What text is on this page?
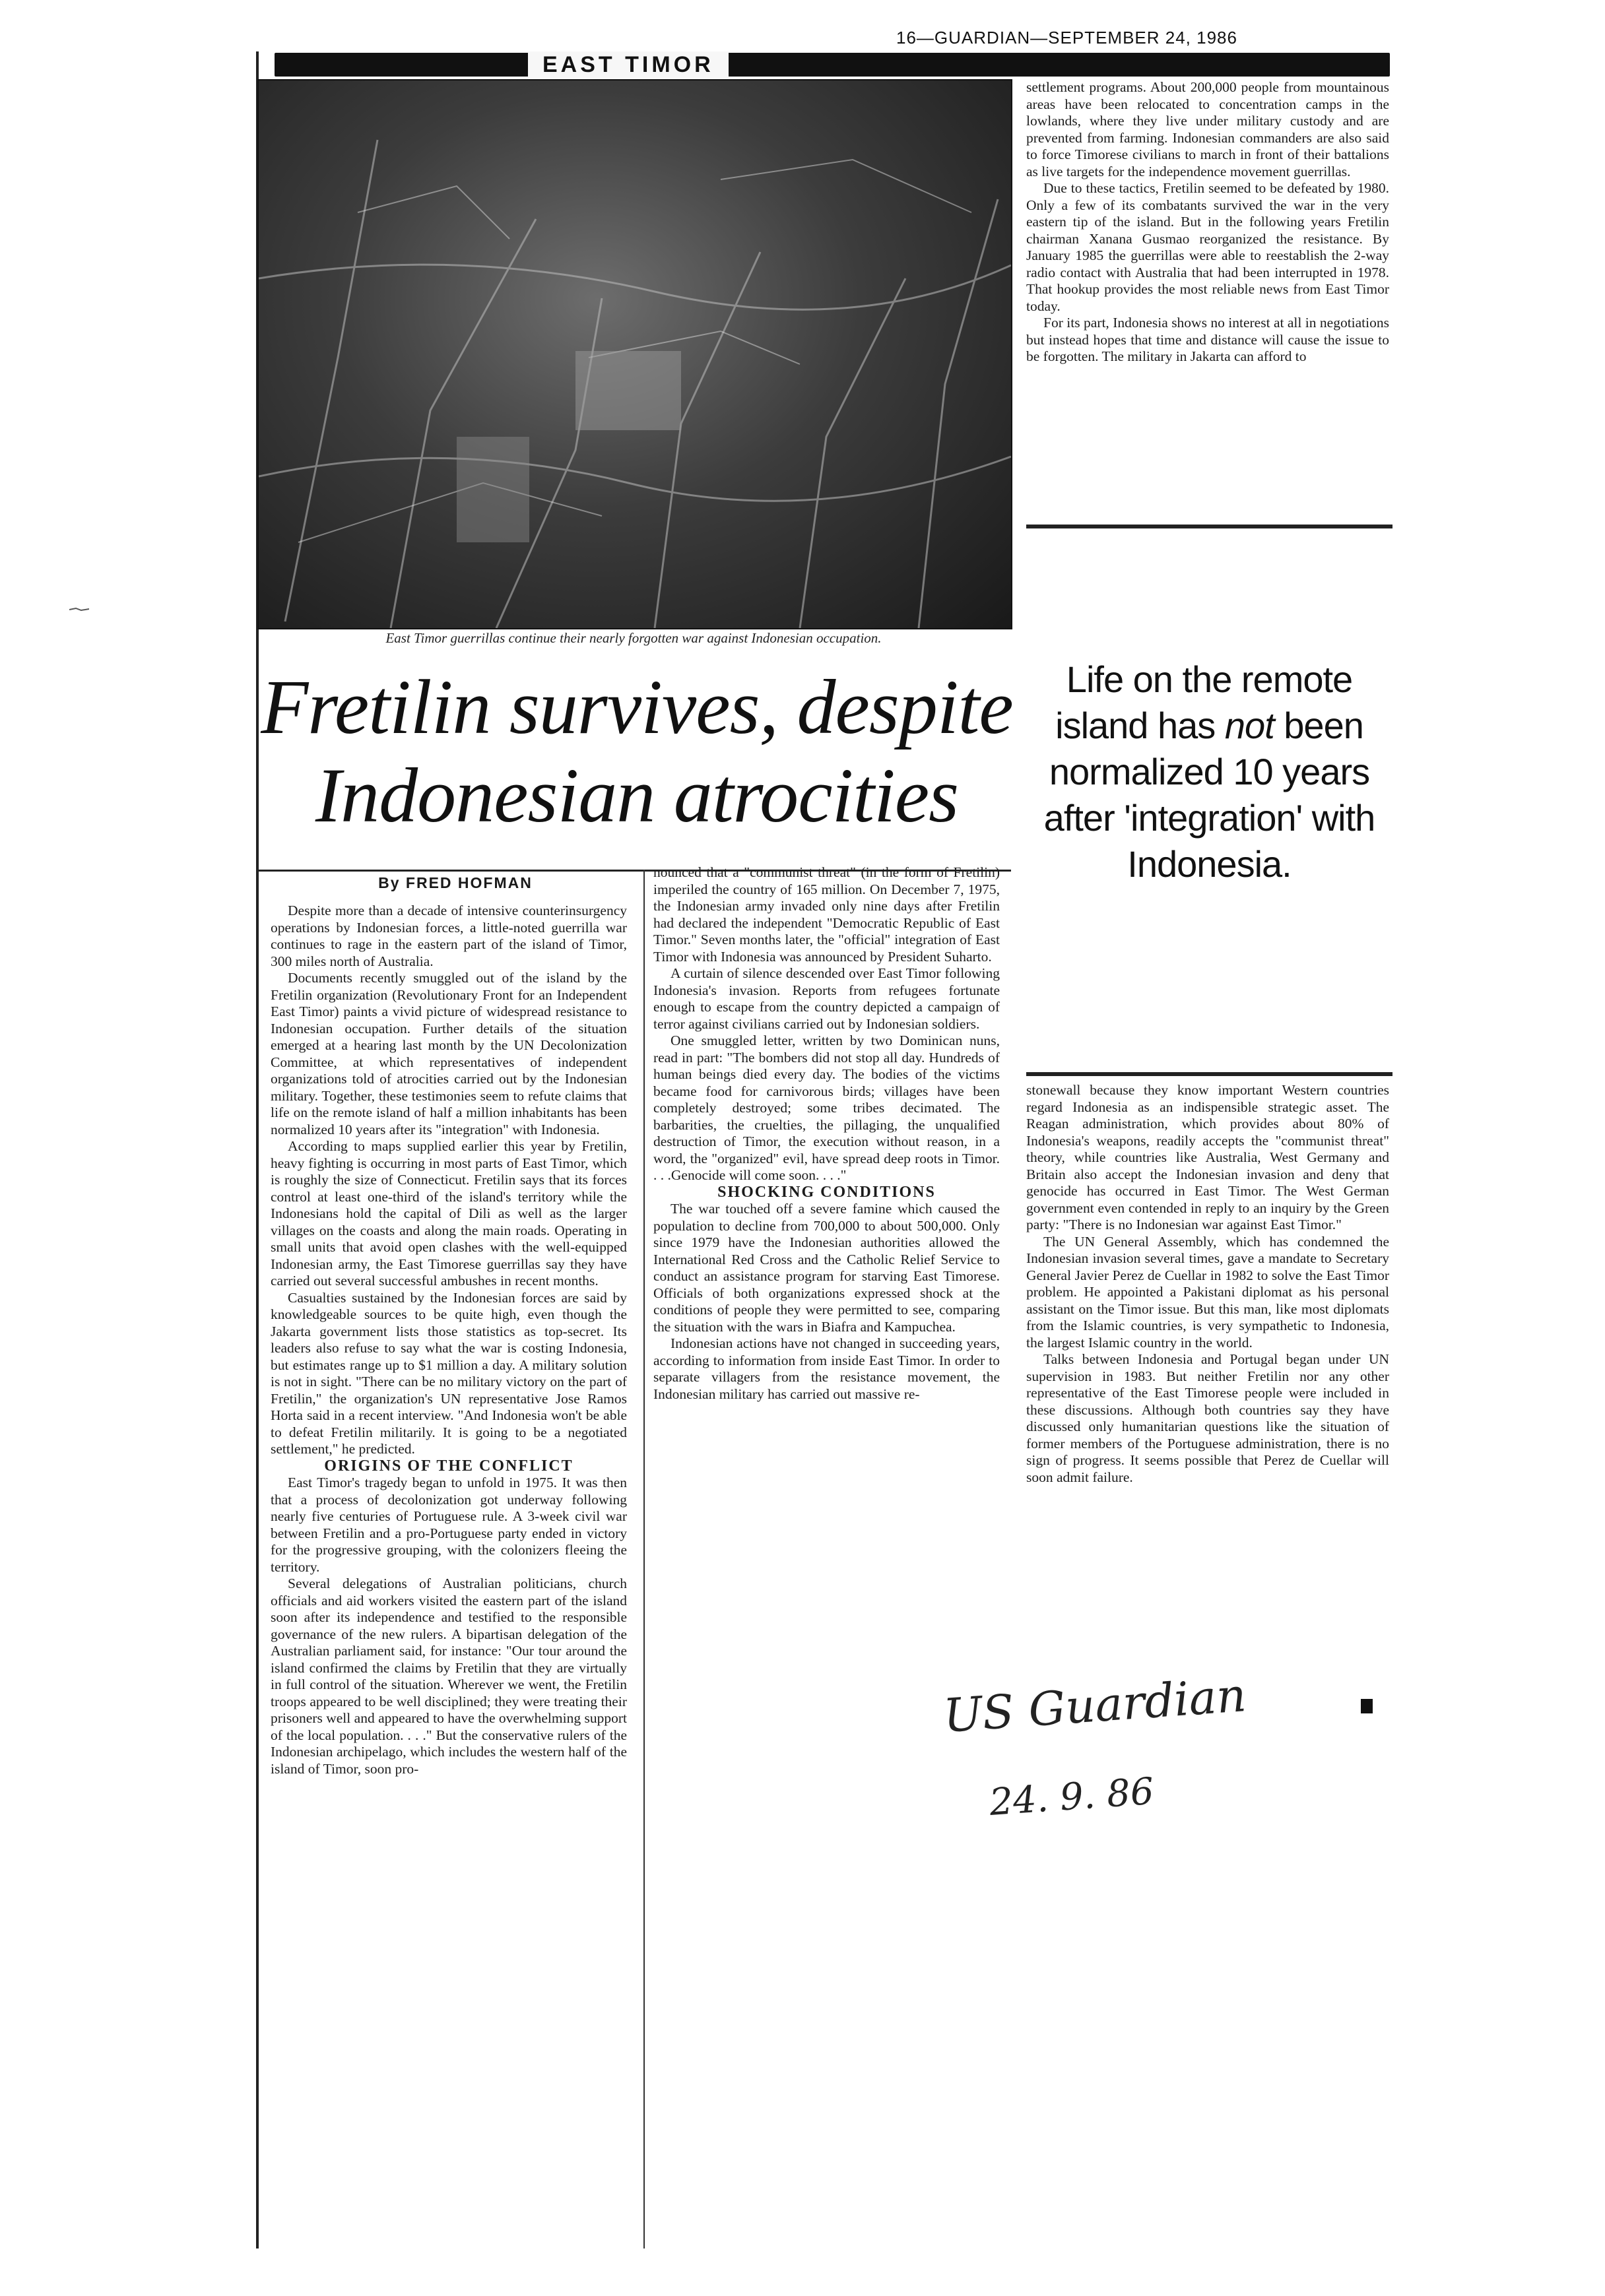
16—GUARDIAN—SEPTEMBER 24, 1986
EAST TIMOR
East Timor guerrillas continue their nearly forgotten war against Indonesian occupation.
Fretilin survives, despite
Indonesian atrocities
By FRED HOFMAN

Despite more than a decade of intensive counterinsurgency operations by Indonesian forces, a little-noted guerrilla war continues to rage in the eastern part of the island of Timor, 300 miles north of Australia.

Documents recently smuggled out of the island by the Fretilin organization (Revolutionary Front for an Independent East Timor) paints a vivid picture of widespread resistance to Indonesian occupation. Further details of the situation emerged at a hearing last month by the UN Decolonization Committee, at which representatives of independent organizations told of atrocities carried out by the Indonesian military. Together, these testimonies seem to refute claims that life on the remote island of half a million inhabitants has been normalized 10 years after its "integration" with Indonesia.

According to maps supplied earlier this year by Fretilin, heavy fighting is occurring in most parts of East Timor, which is roughly the size of Connecticut. Fretilin says that its forces control at least one-third of the island's territory while the Indonesians hold the capital of Dili as well as the larger villages on the coasts and along the main roads. Operating in small units that avoid open clashes with the well-equipped Indonesian army, the East Timorese guerrillas say they have carried out several successful ambushes in recent months.

Casualties sustained by the Indonesian forces are said by knowledgeable sources to be quite high, even though the Jakarta government lists those statistics as top-secret. Its leaders also refuse to say what the war is costing Indonesia, but estimates range up to $1 million a day. A military solution is not in sight. "There can be no military victory on the part of Fretilin," the organization's UN representative Jose Ramos Horta said in a recent interview. "And Indonesia won't be able to defeat Fretilin militarily. It is going to be a negotiated settlement," he predicted.

ORIGINS OF THE CONFLICT

East Timor's tragedy began to unfold in 1975. It was then that a process of decolonization got underway following nearly five centuries of Portuguese rule. A 3-week civil war between Fretilin and a pro-Portuguese party ended in victory for the progressive grouping, with the colonizers fleeing the territory.

Several delegations of Australian politicians, church officials and aid workers visited the eastern part of the island soon after its independence and testified to the responsible governance of the new rulers. A bipartisan delegation of the Australian parliament said, for instance: "Our tour around the island confirmed the claims by Fretilin that they are virtually in full control of the situation. Wherever we went, the Fretilin troops appeared to be well disciplined; they were treating their prisoners well and appeared to have the overwhelming support of the local population. . . ." But the conservative rulers of the Indonesian archipelago, which includes the western half of the island of Timor, soon pro-

nounced that a "communist threat" (in the form of Fretilin) imperiled the country of 165 million. On December 7, 1975, the Indonesian army invaded only nine days after Fretilin had declared the independent "Democratic Republic of East Timor." Seven months later, the "official" integration of East Timor with Indonesia was announced by President Suharto.

A curtain of silence descended over East Timor following Indonesia's invasion. Reports from refugees fortunate enough to escape from the country depicted a campaign of terror against civilians carried out by Indonesian soldiers.

One smuggled letter, written by two Dominican nuns, read in part: "The bombers did not stop all day. Hundreds of human beings died every day. The bodies of the victims became food for carnivorous birds; villages have been completely destroyed; some tribes decimated. The barbarities, the cruelties, the pillaging, the unqualified destruction of Timor, the execution without reason, in a word, the "organized" evil, have spread deep roots in Timor. . . .Genocide will come soon. . . ."

SHOCKING CONDITIONS

The war touched off a severe famine which caused the population to decline from 700,000 to about 500,000. Only since 1979 have the Indonesian authorities allowed the International Red Cross and the Catholic Relief Service to conduct an assistance program for starving East Timorese. Officials of both organizations expressed shock at the conditions of people they were permitted to see, comparing the situation with the wars in Biafra and Kampuchea.

Indonesian actions have not changed in succeeding years, according to information from inside East Timor. In order to separate villagers from the resistance movement, the Indonesian military has carried out massive re-

settlement programs. About 200,000 people from mountainous areas have been relocated to concentration camps in the lowlands, where they live under military custody and are prevented from farming. Indonesian commanders are also said to force Timorese civilians to march in front of their battalions as live targets for the independence movement guerrillas.

Due to these tactics, Fretilin seemed to be defeated by 1980. Only a few of its combatants survived the war in the very eastern tip of the island. But in the following years Fretilin chairman Xanana Gusmao reorganized the resistance. By January 1985 the guerrillas were able to reestablish the 2-way radio contact with Australia that had been interrupted in 1978. That hookup provides the most reliable news from East Timor today.

For its part, Indonesia shows no interest at all in negotiations but instead hopes that time and distance will cause the issue to be forgotten. The military in Jakarta can afford to

Life on the remote island has not been normalized 10 years after 'integration' with Indonesia.

stonewall because they know important Western countries regard Indonesia as an indispensible strategic asset. The Reagan administration, which provides about 80% of Indonesia's weapons, readily accepts the "communist threat" theory, while countries like Australia, West Germany and Britain also accept the Indonesian invasion and deny that genocide has occurred in East Timor. The West German government even contended in reply to an inquiry by the Green party: "There is no Indonesian war against East Timor."

The UN General Assembly, which has condemned the Indonesian invasion several times, gave a mandate to Secretary General Javier Perez de Cuellar in 1982 to solve the East Timor problem. He appointed a Pakistani diplomat as his personal assistant on the Timor issue. But this man, like most diplomats from the Islamic countries, is very sympathetic to Indonesia, the largest Islamic country in the world.

Talks between Indonesia and Portugal began under UN supervision in 1983. But neither Fretilin nor any other representative of the East Timorese people were included in these discussions. Although both countries say they have discussed only humanitarian questions like the situation of former members of the Portuguese administration, there is no sign of progress. It seems possible that Perez de Cuellar will soon admit failure.

US Guardian
24. 9. 86
